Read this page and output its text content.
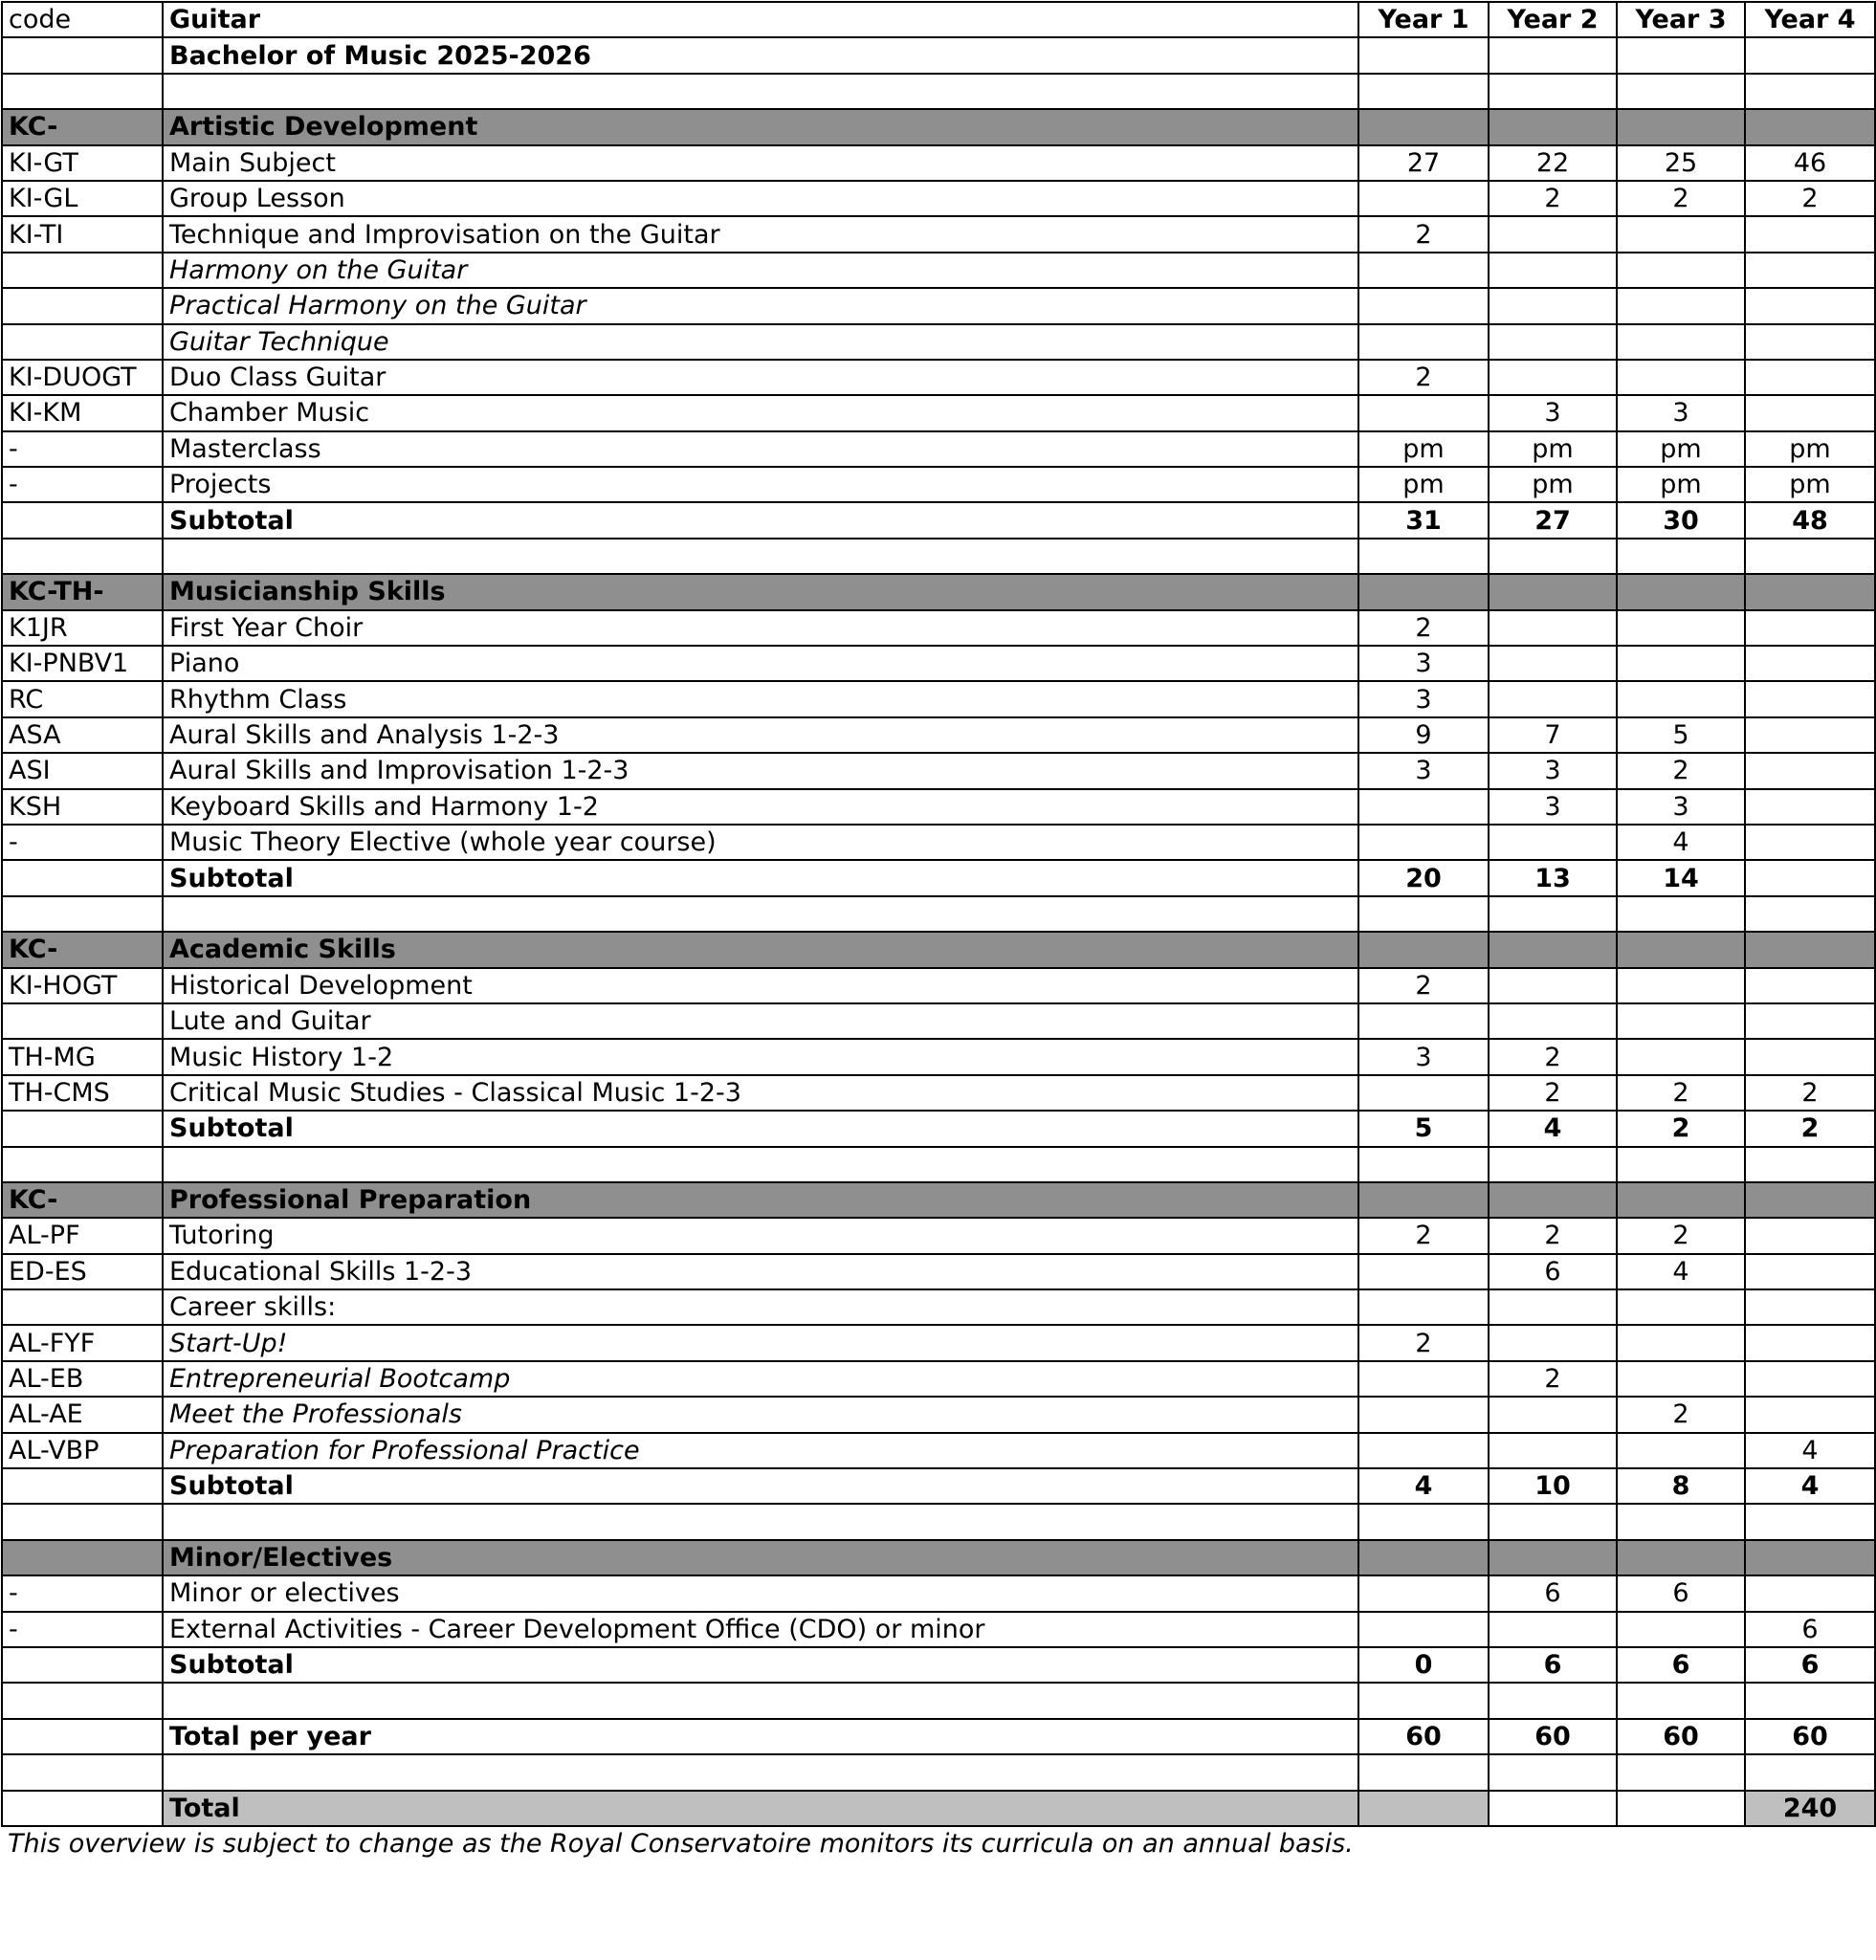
code	Guitar	Year 1	Year 2	Year 3	Year 4
	Bachelor of Music 2025-2026				

KC-	Artistic Development				
KI-GT	Main Subject	27	22	25	46
KI-GL	Group Lesson		2	2	2
KI-TI	Technique and Improvisation on the Guitar	2			
	Harmony on the Guitar				
	Practical Harmony on the Guitar				
	Guitar Technique				
KI-DUOGT	Duo Class Guitar	2			
KI-KM	Chamber Music		3	3	
-	Masterclass	pm	pm	pm	pm
-	Projects	pm	pm	pm	pm
	Subtotal	31	27	30	48

KC-TH-	Musicianship Skills				
K1JR	First Year Choir	2			
KI-PNBV1	Piano	3			
RC	Rhythm Class	3			
ASA	Aural Skills and Analysis 1-2-3	9	7	5	
ASI	Aural Skills and Improvisation 1-2-3	3	3	2	
KSH	Keyboard Skills and Harmony 1-2		3	3	
-	Music Theory Elective (whole year course)			4	
	Subtotal	20	13	14	

KC-	Academic Skills				
KI-HOGT	Historical Development	2			
	Lute and Guitar				
TH-MG	Music History 1-2	3	2		
TH-CMS	Critical Music Studies - Classical Music 1-2-3		2	2	2
	Subtotal	5	4	2	2

KC-	Professional Preparation				
AL-PF	Tutoring	2	2	2	
ED-ES	Educational Skills 1-2-3		6	4	
	Career skills:				
AL-FYF	Start-Up!	2			
AL-EB	Entrepreneurial Bootcamp		2		
AL-AE	Meet the Professionals			2	
AL-VBP	Preparation for Professional Practice				4
	Subtotal	4	10	8	4

	Minor/Electives				
-	Minor or electives		6	6	
-	External Activities - Career Development Office (CDO) or minor				6
	Subtotal	0	6	6	6

	Total per year	60	60	60	60

	Total				240
This overview is subject to change as the Royal Conservatoire monitors its curricula on an annual basis.
